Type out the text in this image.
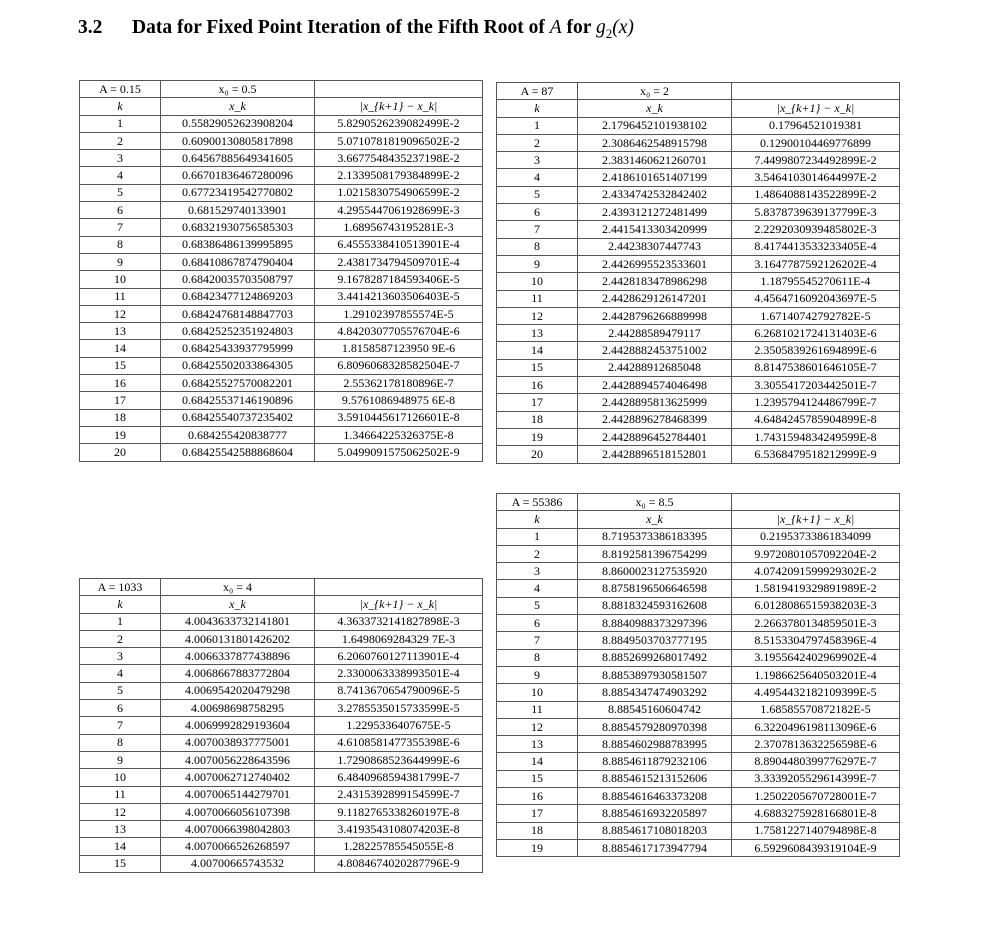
3.2 Data for Fixed Point Iteration of the Fifth Root of A for $g_2(x)$
A = 0.15	x₀ = 0.5	
k	x_k	|x_{k+1} − x_k|
1	0.55829052623908204	5.8290526239082499E-2
2	0.60900130805817898	5.0710781819096502E-2
3	0.64567885649341605	3.6677548435237198E-2
4	0.66701836467280096	2.1339508179384899E-2
5	0.67723419542770802	1.0215830754906599E-2
6	0.681529740133901	4.2955447061928699E-3
7	0.68321930756585303	1.68956743195281E-3
8	0.68386486139995895	6.4555338410513901E-4
9	0.68410867874790404	2.4381734794509701E-4
10	0.68420035703508797	9.1678287184593406E-5
11	0.68423477124869203	3.4414213603506403E-5
12	0.68424768148847703	1.29102397855574E-5
13	0.68425252351924803	4.8420307705576704E-6
14	0.68425433937795999	1.8158587123950 9E-6
15	0.68425502033864305	6.8096068328582504E-7
16	0.68425527570082201	2.55362178180896E-7
17	0.68425537146190896	9.5761086948975 6E-8
18	0.68425540737235402	3.5910445617126601E-8
19	0.684255420838777	1.34664225326375E-8
20	0.68425542588868604	5.0499091575062502E-9
A = 87	x₀ = 2	
k	x_k	|x_{k+1} − x_k|
1	2.1796452101938102	0.17964521019381
2	2.3086462548915798	0.12900104469776899
3	2.3831460621260701	7.4499807234492899E-2
4	2.4186101651407199	3.5464103014644997E-2
5	2.4334742532842402	1.4864088143522899E-2
6	2.4393121272481499	5.8378739639137799E-3
7	2.4415413303420999	2.2292030939485802E-3
8	2.44238307447743	8.4174413533233405E-4
9	2.4426995523533601	3.1647787592126202E-4
10	2.4428183478986298	1.18795545270611E-4
11	2.4428629126147201	4.4564716092043697E-5
12	2.4428796266889998	1.67140742792782E-5
13	2.44288589479117	6.2681021724131403E-6
14	2.4428882453751002	2.3505839261694899E-6
15	2.44288912685048	8.8147538601646105E-7
16	2.4428894574046498	3.3055417203442501E-7
17	2.4428895813625999	1.2395794124486799E-7
18	2.4428896278468399	4.6484245785904899E-8
19	2.4428896452784401	1.7431594834249599E-8
20	2.4428896518152801	6.5368479518212999E-9
A = 1033	x₀ = 4	
k	x_k	|x_{k+1} − x_k|
1	4.0043633732141801	4.3633732141827898E-3
2	4.0060131801426202	1.6498069284329 7E-3
3	4.0066337877438896	6.2060760127113901E-4
4	4.0068667883772804	2.3300063338993501E-4
5	4.0069542020479298	8.7413670654790096E-5
6	4.00698698758295	3.2785535015733599E-5
7	4.0069992829193604	1.2295336407675E-5
8	4.0070038937775001	4.6108581477355398E-6
9	4.0070056228643596	1.7290868523644999E-6
10	4.0070062712740402	6.4840968594381799E-7
11	4.0070065144279701	2.4315392899154599E-7
12	4.0070066056107398	9.1182765338260197E-8
13	4.0070066398042803	3.4193543108074203E-8
14	4.0070066526268597	1.28225785545055E-8
15	4.00700665743532	4.8084674020287796E-9
A = 55386	x₀ = 8.5	
k	x_k	|x_{k+1} − x_k|
1	8.7195373386183395	0.21953733861834099
2	8.8192581396754299	9.9720801057092204E-2
3	8.8600023127535920	4.0742091599929302E-2
4	8.8758196506646598	1.5819419329891989E-2
5	8.8818324593162608	6.0128086515938203E-3
6	8.8840988373297396	2.2663780134859501E-3
7	8.8849503703777195	8.5153304797458396E-4
8	8.8852699268017492	3.1955642402969902E-4
9	8.8853897930581507	1.1986625640503201E-4
10	8.8854347474903292	4.4954432182109399E-5
11	8.88545160604742	1.68585570872182E-5
12	8.8854579280970398	6.3220496198113096E-6
13	8.8854602988783995	2.3707813632256598E-6
14	8.8854611879232106	8.8904480399776297E-7
15	8.8854615213152606	3.3339205529614399E-7
16	8.8854616463373208	1.2502205670728001E-7
17	8.8854616932205897	4.6883275928166801E-8
18	8.8854617108018203	1.7581227140794898E-8
19	8.8854617173947794	6.5929608439319104E-9
